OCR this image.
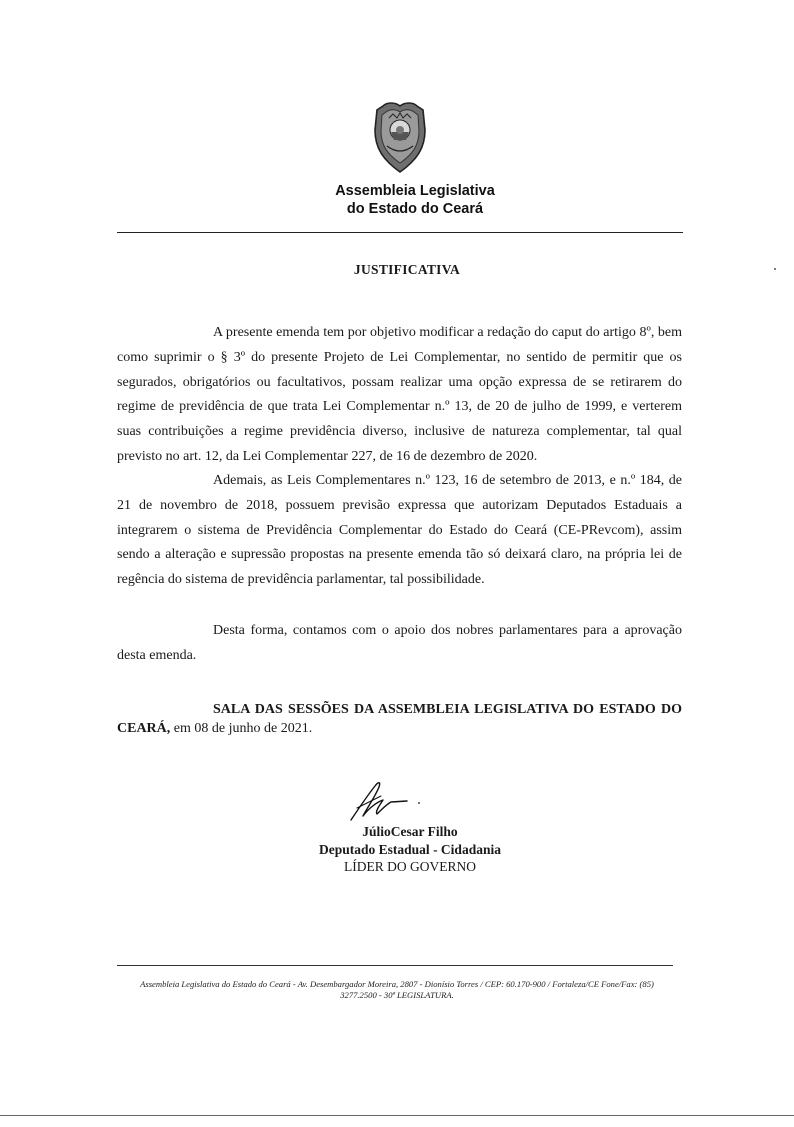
Assembleia Legislativa
do Estado do Ceará
JUSTIFICATIVA
A presente emenda tem por objetivo modificar a redação do caput do artigo 8º, bem como suprimir o § 3º do presente Projeto de Lei Complementar, no sentido de permitir que os segurados, obrigatórios ou facultativos, possam realizar uma opção expressa de se retirarem do regime de previdência de que trata Lei Complementar n.º 13, de 20 de julho de 1999, e verterem suas contribuições a regime previdência diverso, inclusive de natureza complementar, tal qual previsto no art. 12, da Lei Complementar 227, de 16 de dezembro de 2020.
Ademais, as Leis Complementares n.º 123, 16 de setembro de 2013, e n.º 184, de 21 de novembro de 2018, possuem previsão expressa que autorizam Deputados Estaduais a integrarem o sistema de Previdência Complementar do Estado do Ceará (CE-PRevcom), assim sendo a alteração e supressão propostas na presente emenda tão só deixará claro, na própria lei de regência do sistema de previdência parlamentar, tal possibilidade.
Desta forma, contamos com o apoio dos nobres parlamentares para a aprovação desta emenda.
SALA DAS SESSÕES DA ASSEMBLEIA LEGISLATIVA DO ESTADO DO CEARÁ, em 08 de junho de 2021.
JúlioCesar Filho
Deputado Estadual - Cidadania
LÍDER DO GOVERNO
Assembleia Legislativa do Estado do Ceará - Av. Desembargador Moreira, 2807 - Dionísio Torres / CEP: 60.170-900 / Fortaleza/CE Fone/Fax: (85)
3277.2500 - 30ª LEGISLATURA.
